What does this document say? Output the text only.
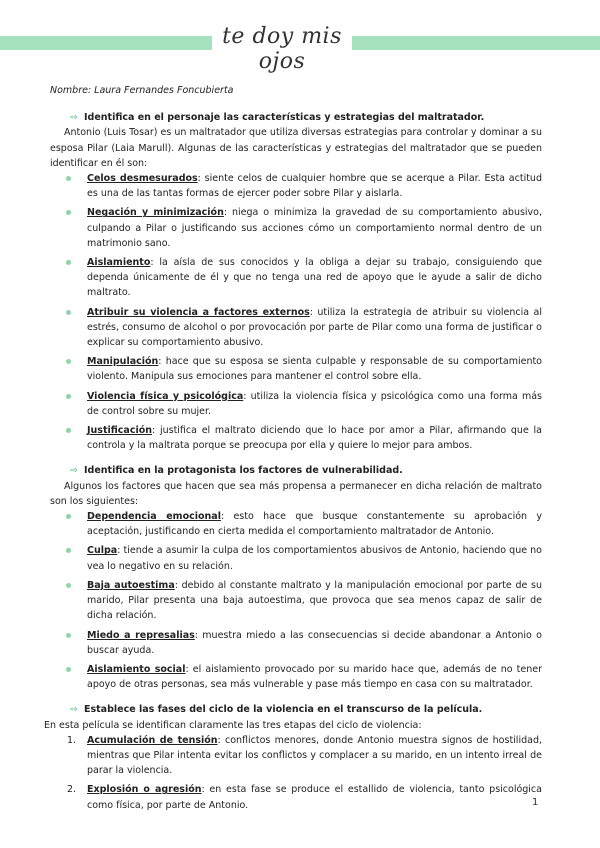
te doy mis ojos

Nombre: Laura Fernandes Foncubierta

⇨ Identifica en el personaje las características y estrategias del maltratador.

Antonio (Luis Tosar) es un maltratador que utiliza diversas estrategias para controlar y dominar a su esposa Pilar (Laia Marull). Algunas de las características y estrategias del maltratador que se pueden identificar en él son:

Celos desmesurados: siente celos de cualquier hombre que se acerque a Pilar. Esta actitud es una de las tantas formas de ejercer poder sobre Pilar y aislarla.
Negación y minimización: niega o minimiza la gravedad de su comportamiento abusivo, culpando a Pilar o justificando sus acciones cómo un comportamiento normal dentro de un matrimonio sano.
Aislamiento: la aísla de sus conocidos y la obliga a dejar su trabajo, consiguiendo que dependa únicamente de él y que no tenga una red de apoyo que le ayude a salir de dicho maltrato.
Atribuir su violencia a factores externos: utiliza la estrategia de atribuir su violencia al estrés, consumo de alcohol o por provocación por parte de Pilar como una forma de justificar o explicar su comportamiento abusivo.
Manipulación: hace que su esposa se sienta culpable y responsable de su comportamiento violento. Manipula sus emociones para mantener el control sobre ella.
Violencia física y psicológica: utiliza la violencia física y psicológica como una forma más de control sobre su mujer.
Justificación: justifica el maltrato diciendo que lo hace por amor a Pilar, afirmando que la controla y la maltrata porque se preocupa por ella y quiere lo mejor para ambos.
⇨ Identifica en la protagonista los factores de vulnerabilidad.

Algunos los factores que hacen que sea más propensa a permanecer en dicha relación de maltrato son los siguientes:

Dependencia emocional: esto hace que busque constantemente su aprobación y aceptación, justificando en cierta medida el comportamiento maltratador de Antonio.
Culpa: tiende a asumir la culpa de los comportamientos abusivos de Antonio, haciendo que no vea lo negativo en su relación.
Baja autoestima: debido al constante maltrato y la manipulación emocional por parte de su marido, Pilar presenta una baja autoestima, que provoca que sea menos capaz de salir de dicha relación.
Miedo a represalias: muestra miedo a las consecuencias si decide abandonar a Antonio o buscar ayuda.
Aislamiento social: el aislamiento provocado por su marido hace que, además de no tener apoyo de otras personas, sea más vulnerable y pase más tiempo en casa con su maltratador.
⇨ Establece las fases del ciclo de la violencia en el transcurso de la película.

En esta película se identifican claramente las tres etapas del ciclo de violencia:

1. Acumulación de tensión: conflictos menores, donde Antonio muestra signos de hostilidad, mientras que Pilar intenta evitar los conflictos y complacer a su marido, en un intento irreal de parar la violencia.
2. Explosión o agresión: en esta fase se produce el estallido de violencia, tanto psicológica como física, por parte de Antonio.	1
